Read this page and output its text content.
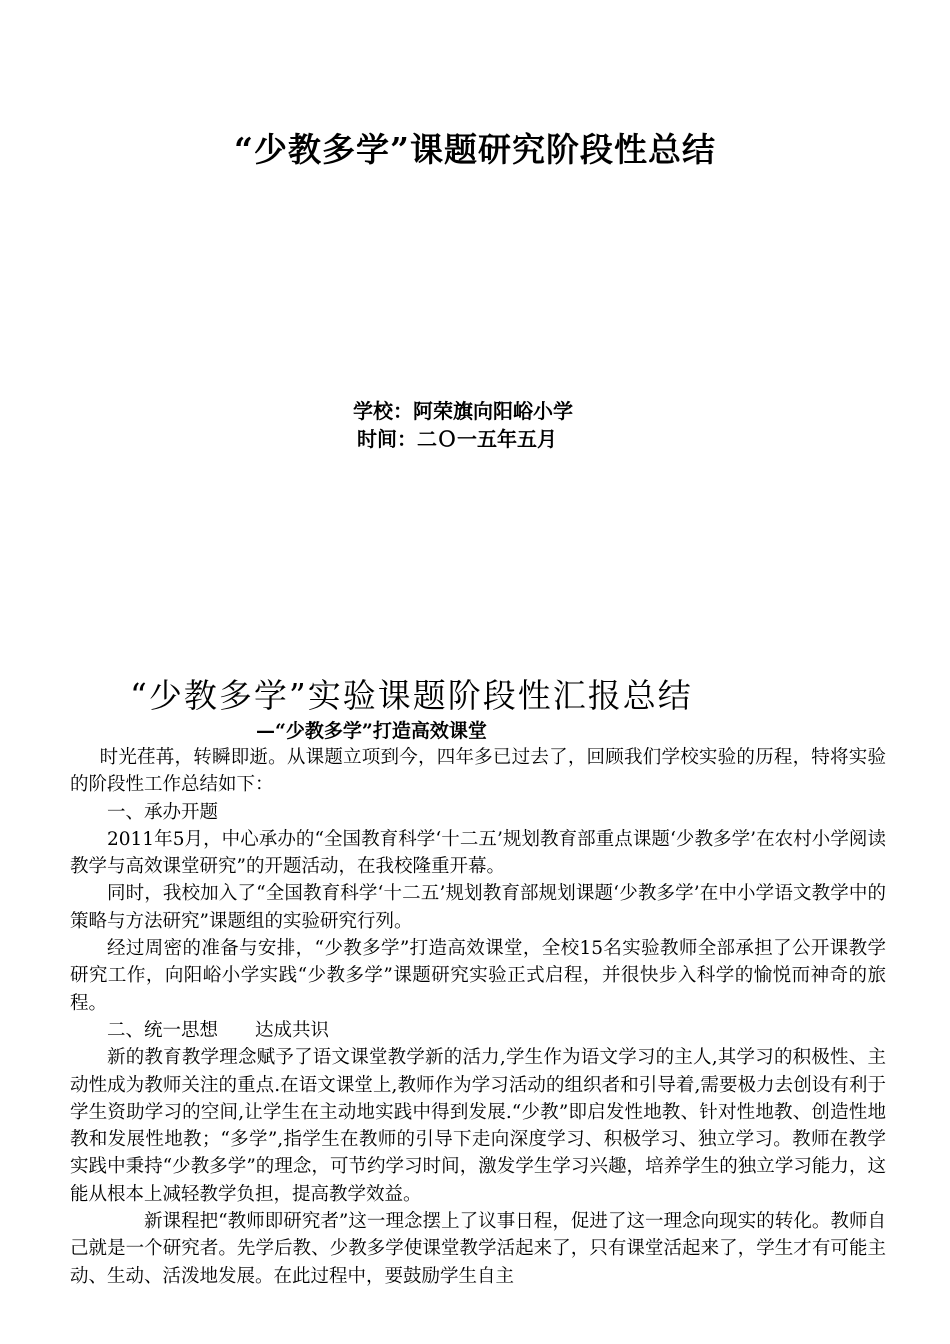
“少教多学”课题研究阶段性总结
学校：阿荣旗向阳峪小学
时间：二Ｏ一五年五月
“少教多学”实验课题阶段性汇报总结
—“少教多学”打造高效课堂

时光荏苒，转瞬即逝。从课题立项到今，四年多已过去了，回顾我们学校实验的历程，特将实验的阶段性工作总结如下：

一、承办开题

2011年5月，中心承办的“全国教育科学‘十二五’规划教育部重点课题‘少教多学’在农村小学阅读教学与高效课堂研究”的开题活动，在我校隆重开幕。

同时，我校加入了“全国教育科学‘十二五’规划教育部规划课题‘少教多学’在中小学语文教学中的策略与方法研究”课题组的实验研究行列。

经过周密的准备与安排，“少教多学”打造高效课堂，全校15名实验教师全部承担了公开课教学研究工作，向阳峪小学实践“少教多学”课题研究实验正式启程，并很快步入科学的愉悦而神奇的旅程。

二、统一思想　　达成共识

新的教育教学理念赋予了语文课堂教学新的活力,学生作为语文学习的主人,其学习的积极性、主动性成为教师关注的重点.在语文课堂上,教师作为学习活动的组织者和引导着,需要极力去创设有利于学生资助学习的空间,让学生在主动地实践中得到发展.“少教”即启发性地教、针对性地教、创造性地教和发展性地教；“多学”,指学生在教师的引导下走向深度学习、积极学习、独立学习。教师在教学实践中秉持“少教多学”的理念，可节约学习时间，激发学生学习兴趣，培养学生的独立学习能力，这能从根本上减轻教学负担，提高教学效益。

新课程把“教师即研究者”这一理念摆上了议事日程，促进了这一理念向现实的转化。教师自己就是一个研究者。先学后教、少教多学使课堂教学活起来了，只有课堂活起来了，学生才有可能主动、生动、活泼地发展。在此过程中，要鼓励学生自主
